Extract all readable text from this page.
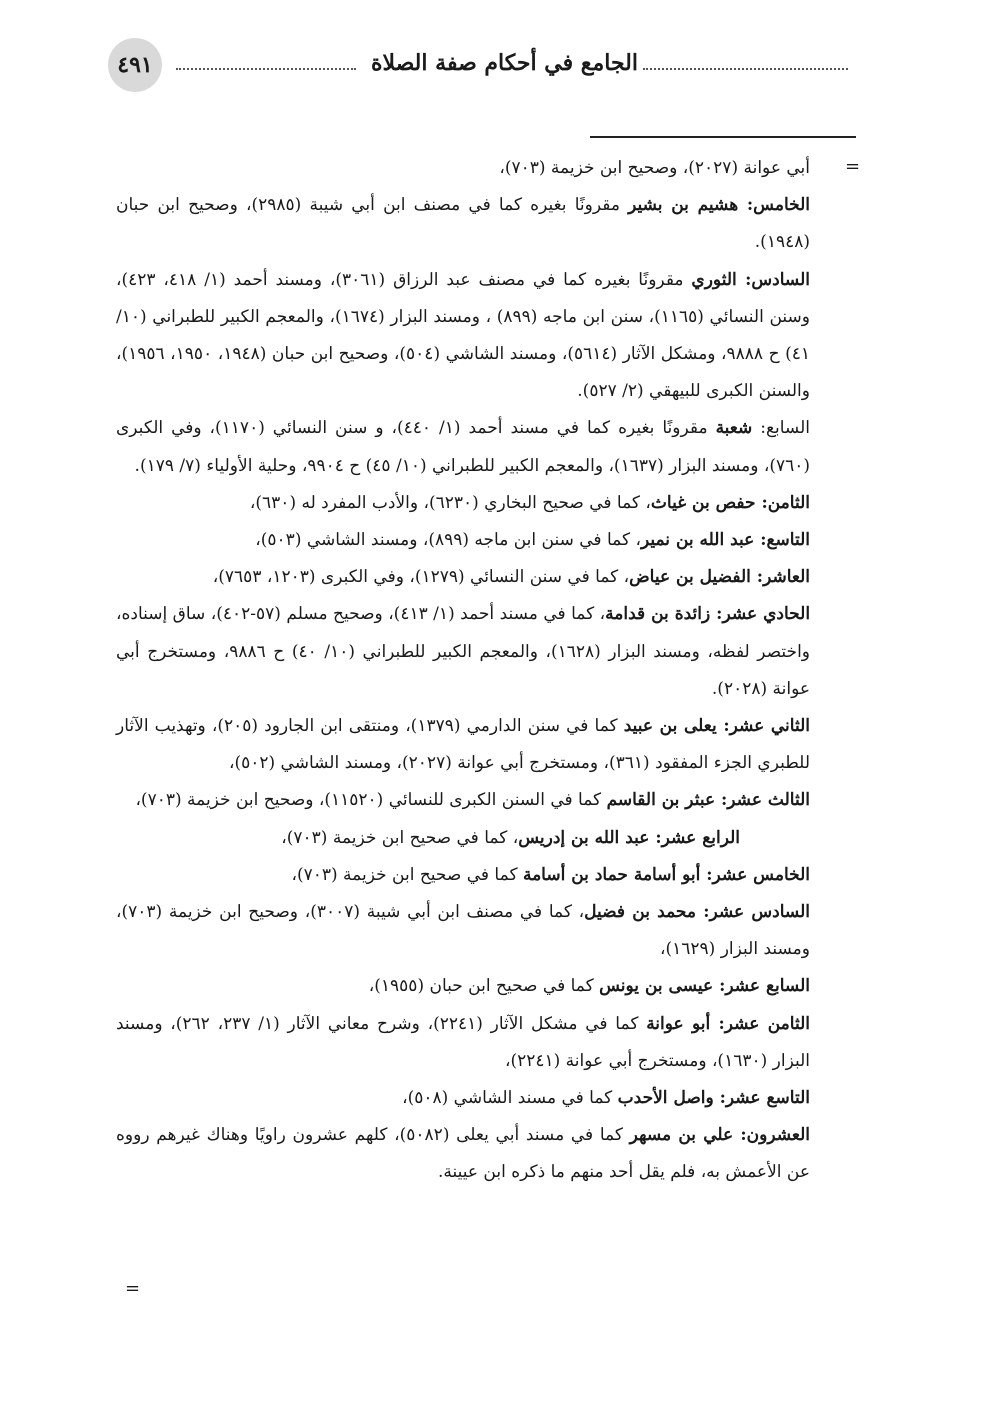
٤٩١	الجامع في أحكام صفة الصلاة
=
=

أبي عوانة (٢٠٢٧)، وصحيح ابن خزيمة (٧٠٣)،

الخامس: هشيم بن بشير مقرونًا بغيره كما في مصنف ابن أبي شيبة (٢٩٨٥)، وصحيح ابن حبان (١٩٤٨).

السادس: الثوري مقرونًا بغيره كما في مصنف عبد الرزاق (٣٠٦١)، ومسند أحمد (١/ ٤١٨، ٤٢٣)، وسنن النسائي (١١٦٥)، سنن ابن ماجه (٨٩٩) ، ومسند البزار (١٦٧٤)، والمعجم الكبير للطبراني (١٠/ ٤١) ح ٩٨٨٨، ومشكل الآثار (٥٦١٤)، ومسند الشاشي (٥٠٤)، وصحيح ابن حبان (١٩٤٨، ١٩٥٠، ١٩٥٦)، والسنن الكبرى للبيهقي (٢/ ٥٢٧).

السابع: شعبة مقرونًا بغيره كما في مسند أحمد (١/ ٤٤٠)، و سنن النسائي (١١٧٠)، وفي الكبرى (٧٦٠)، ومسند البزار (١٦٣٧)، والمعجم الكبير للطبراني (١٠/ ٤٥) ح ٩٩٠٤، وحلية الأولياء (٧/ ١٧٩).

الثامن: حفص بن غياث، كما في صحيح البخاري (٦٢٣٠)، والأدب المفرد له (٦٣٠)،

التاسع: عبد الله بن نمير، كما في سنن ابن ماجه (٨٩٩)، ومسند الشاشي (٥٠٣)،

العاشر: الفضيل بن عياض، كما في سنن النسائي (١٢٧٩)، وفي الكبرى (١٢٠٣، ٧٦٥٣)،

الحادي عشر: زائدة بن قدامة، كما في مسند أحمد (١/ ٤١٣)، وصحيح مسلم (٥٧-٤٠٢)، ساق إسناده، واختصر لفظه، ومسند البزار (١٦٢٨)، والمعجم الكبير للطبراني (١٠/ ٤٠) ح ٩٨٨٦، ومستخرج أبي عوانة (٢٠٢٨).

الثاني عشر: يعلى بن عبيد كما في سنن الدارمي (١٣٧٩)، ومنتقى ابن الجارود (٢٠٥)، وتهذيب الآثار للطبري الجزء المفقود (٣٦١)، ومستخرج أبي عوانة (٢٠٢٧)، ومسند الشاشي (٥٠٢)،

الثالث عشر: عبثر بن القاسم كما في السنن الكبرى للنسائي (١١٥٢٠)، وصحيح ابن خزيمة (٧٠٣)،

الرابع عشر: عبد الله بن إدريس، كما في صحيح ابن خزيمة (٧٠٣)،

الخامس عشر: أبو أسامة حماد بن أسامة كما في صحيح ابن خزيمة (٧٠٣)،

السادس عشر: محمد بن فضيل، كما في مصنف ابن أبي شيبة (٣٠٠٧)، وصحيح ابن خزيمة (٧٠٣)، ومسند البزار (١٦٢٩)،

السابع عشر: عيسى بن يونس كما في صحيح ابن حبان (١٩٥٥)،

الثامن عشر: أبو عوانة كما في مشكل الآثار (٢٢٤١)، وشرح معاني الآثار (١/ ٢٣٧، ٢٦٢)، ومسند البزار (١٦٣٠)، ومستخرج أبي عوانة (٢٢٤١)،

التاسع عشر: واصل الأحدب كما في مسند الشاشي (٥٠٨)،

العشرون: علي بن مسهر كما في مسند أبي يعلى (٥٠٨٢)، كلهم عشرون راويًا وهناك غيرهم رووه عن الأعمش به، فلم يقل أحد منهم ما ذكره ابن عيينة.
